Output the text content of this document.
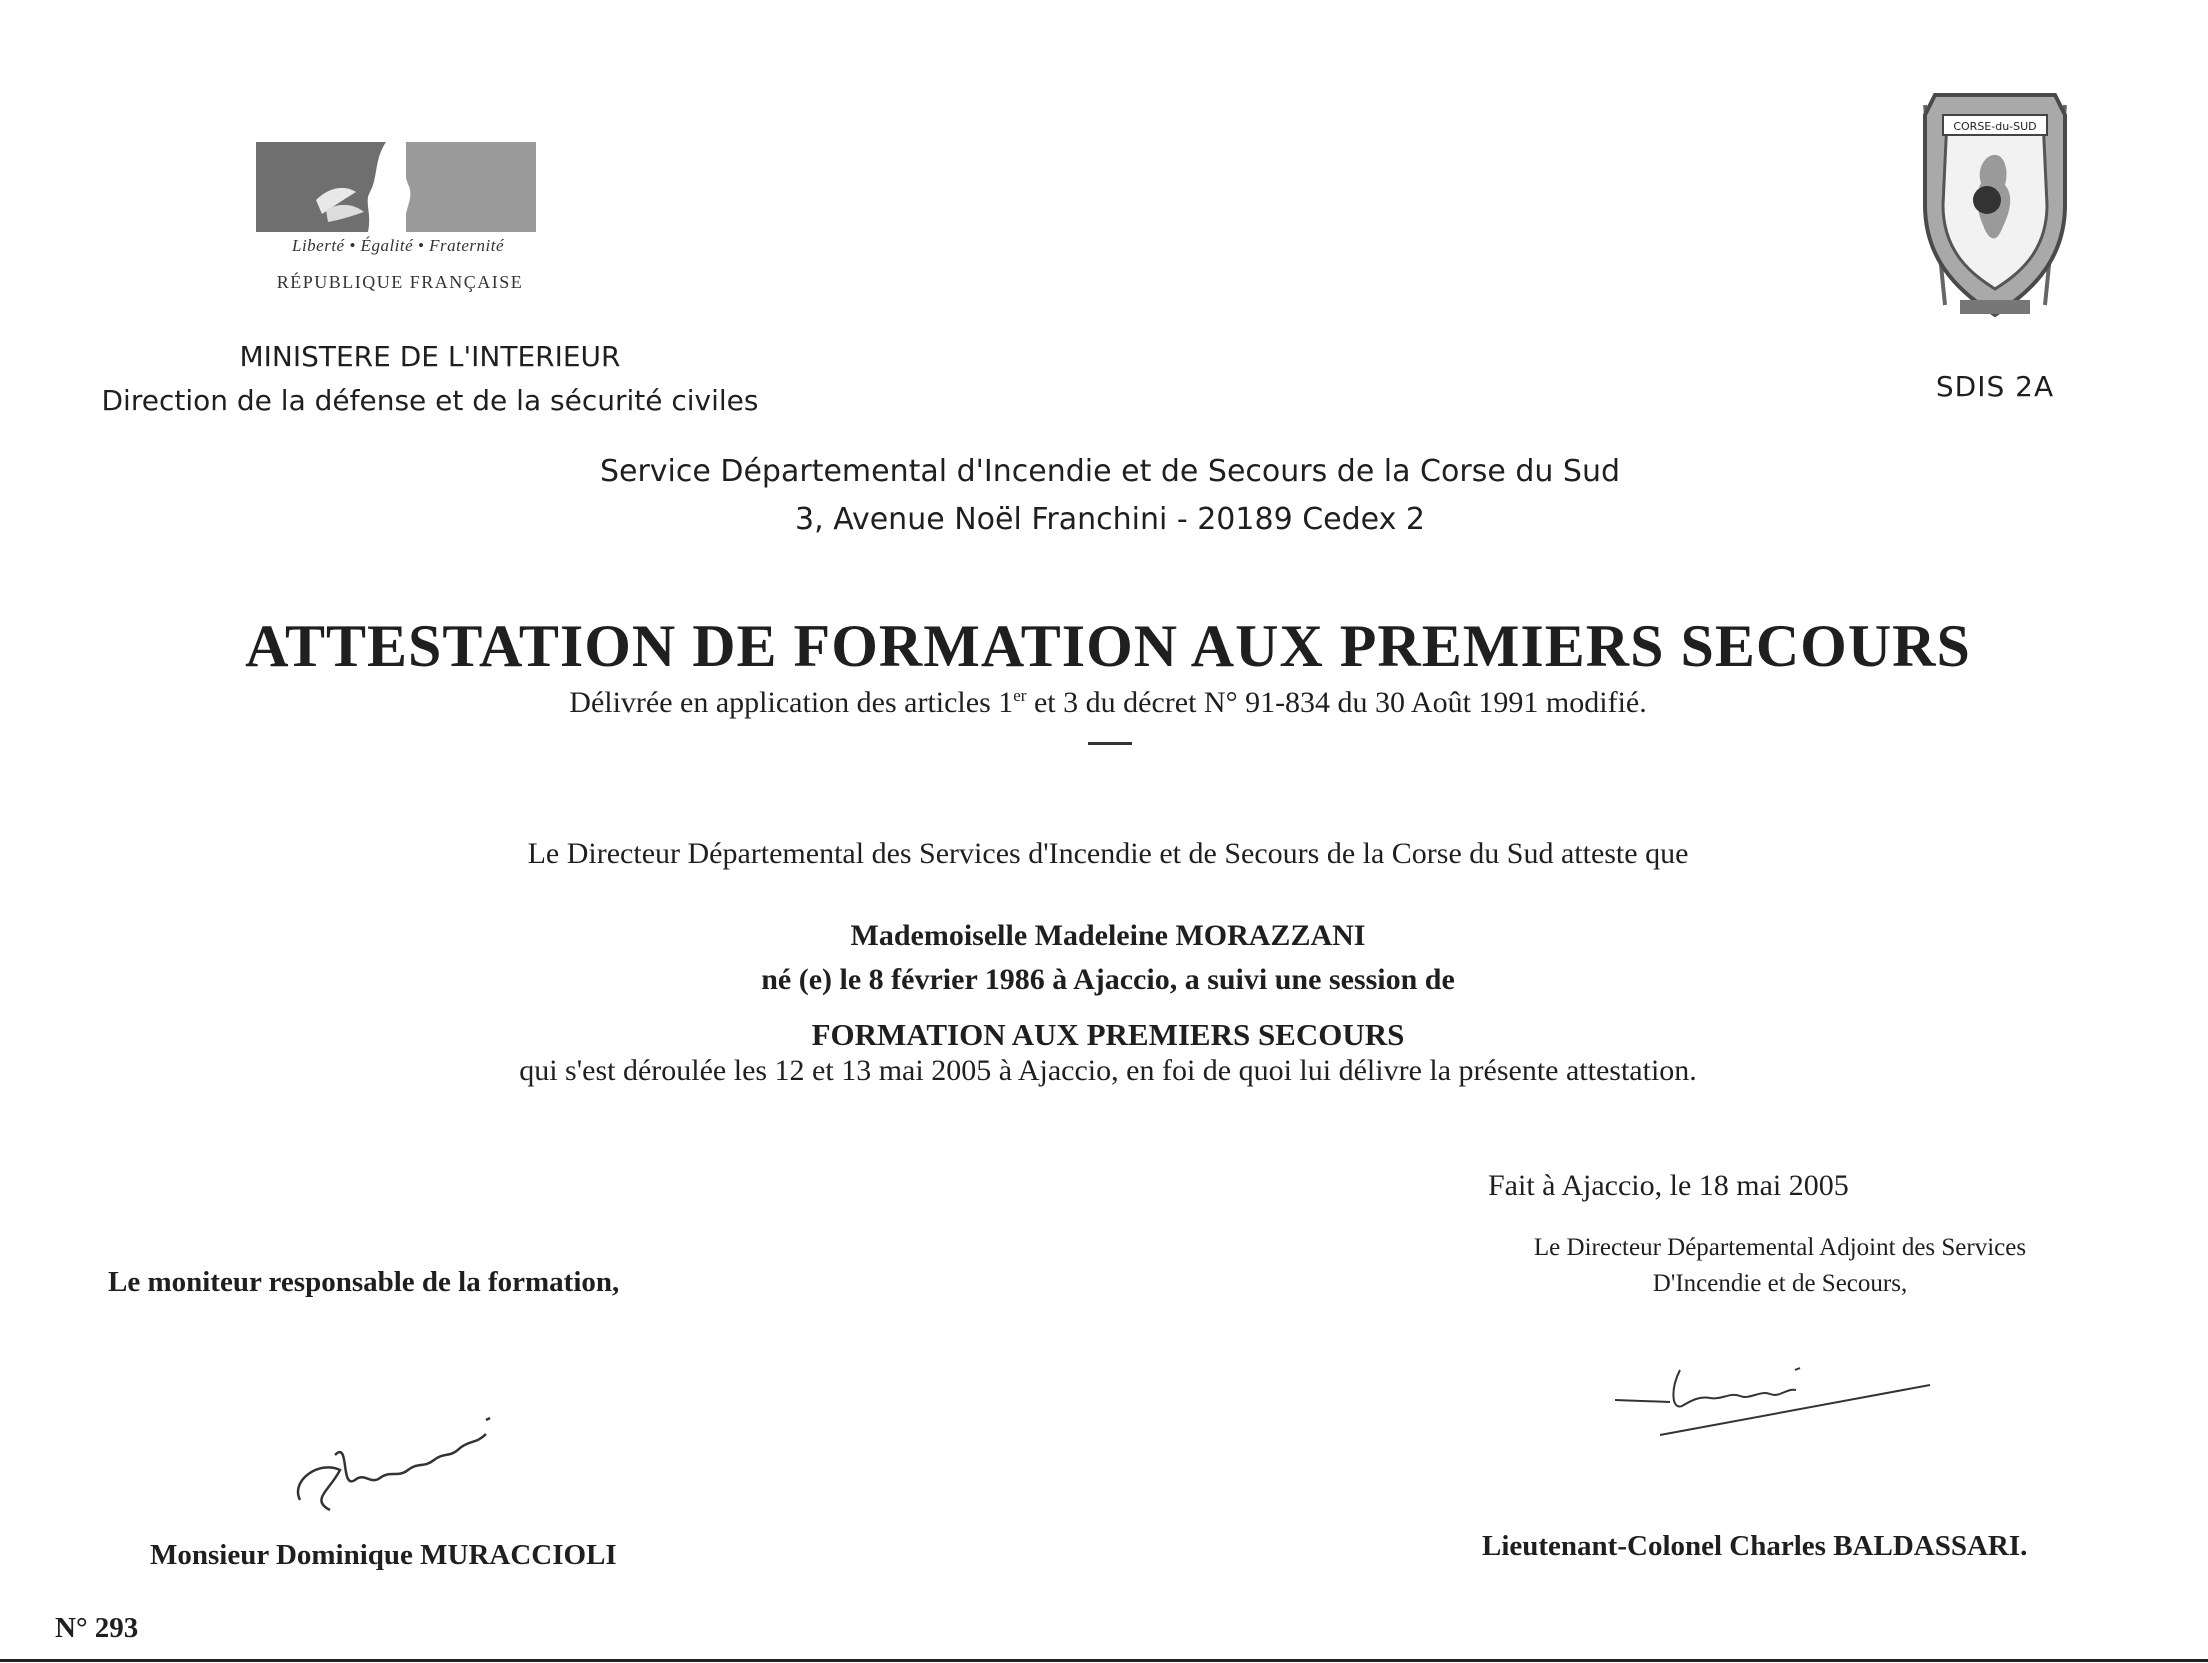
Liberté • Égalité • Fraternité
RÉPUBLIQUE FRANÇAISE
MINISTERE DE L'INTERIEUR
Direction de la défense et de la sécurité civiles
CORSE-du-SUD
SDIS 2A
Service Départemental d'Incendie et de Secours de la Corse du Sud
3, Avenue Noël Franchini - 20189 Cedex 2
ATTESTATION DE FORMATION AUX PREMIERS SECOURS
Délivrée en application des articles 1er et 3 du décret N° 91-834 du 30 Août 1991 modifié.
Le Directeur Départemental des Services d'Incendie et de Secours de la Corse du Sud atteste que
Mademoiselle Madeleine MORAZZANI
né (e) le 8 février 1986 à Ajaccio, a suivi une session de
FORMATION AUX PREMIERS SECOURS
qui s'est déroulée les 12 et 13 mai 2005 à Ajaccio, en foi de quoi lui délivre la présente attestation.
Fait à Ajaccio, le 18 mai 2005
Le Directeur Départemental Adjoint des Services
D'Incendie et de Secours,
Le moniteur responsable de la formation,
Monsieur Dominique MURACCIOLI	Lieutenant-Colonel Charles BALDASSARI.
N° 293
